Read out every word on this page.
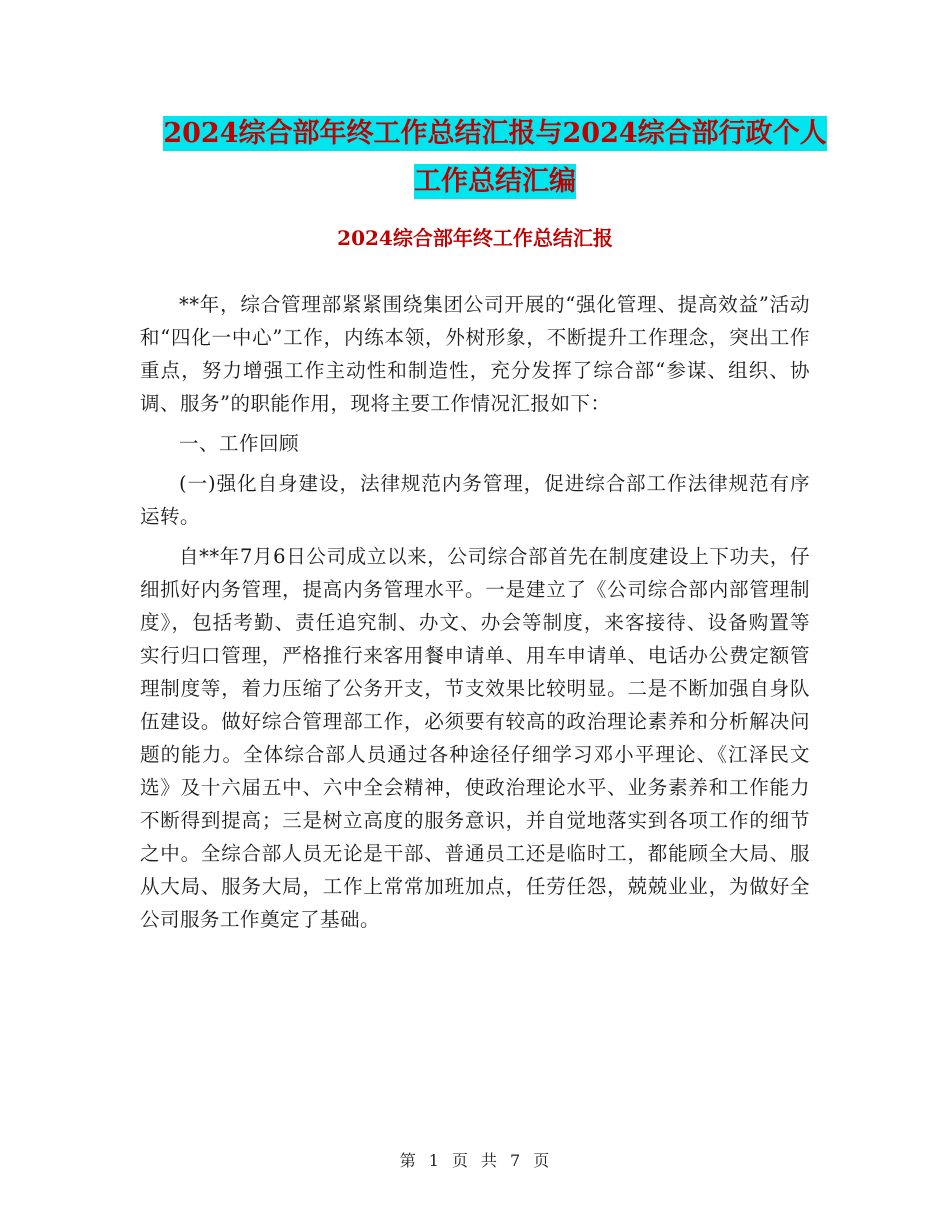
2024综合部年终工作总结汇报与2024综合部行政个人
工作总结汇编
2024综合部年终工作总结汇报

**年，综合管理部紧紧围绕集团公司开展的“强化管理、提高效益”活动和“四化一中心”工作，内练本领，外树形象，不断提升工作理念，突出工作重点，努力增强工作主动性和制造性，充分发挥了综合部“参谋、组织、协调、服务”的职能作用，现将主要工作情况汇报如下：

一、工作回顾

(一)强化自身建设，法律规范内务管理，促进综合部工作法律规范有序运转。

自**年7月6日公司成立以来，公司综合部首先在制度建设上下功夫，仔细抓好内务管理，提高内务管理水平。一是建立了《公司综合部内部管理制度》，包括考勤、责任追究制、办文、办会等制度，来客接待、设备购置等实行归口管理，严格推行来客用餐申请单、用车申请单、电话办公费定额管理制度等，着力压缩了公务开支，节支效果比较明显。二是不断加强自身队伍建设。做好综合管理部工作，必须要有较高的政治理论素养和分析解决问题的能力。全体综合部人员通过各种途径仔细学习邓小平理论、《江泽民文选》及十六届五中、六中全会精神，使政治理论水平、业务素养和工作能力不断得到提高；三是树立高度的服务意识，并自觉地落实到各项工作的细节之中。全综合部人员无论是干部、普通员工还是临时工，都能顾全大局、服从大局、服务大局，工作上常常加班加点，任劳任怨，兢兢业业，为做好全公司服务工作奠定了基础。

第 1 页 共 7 页
